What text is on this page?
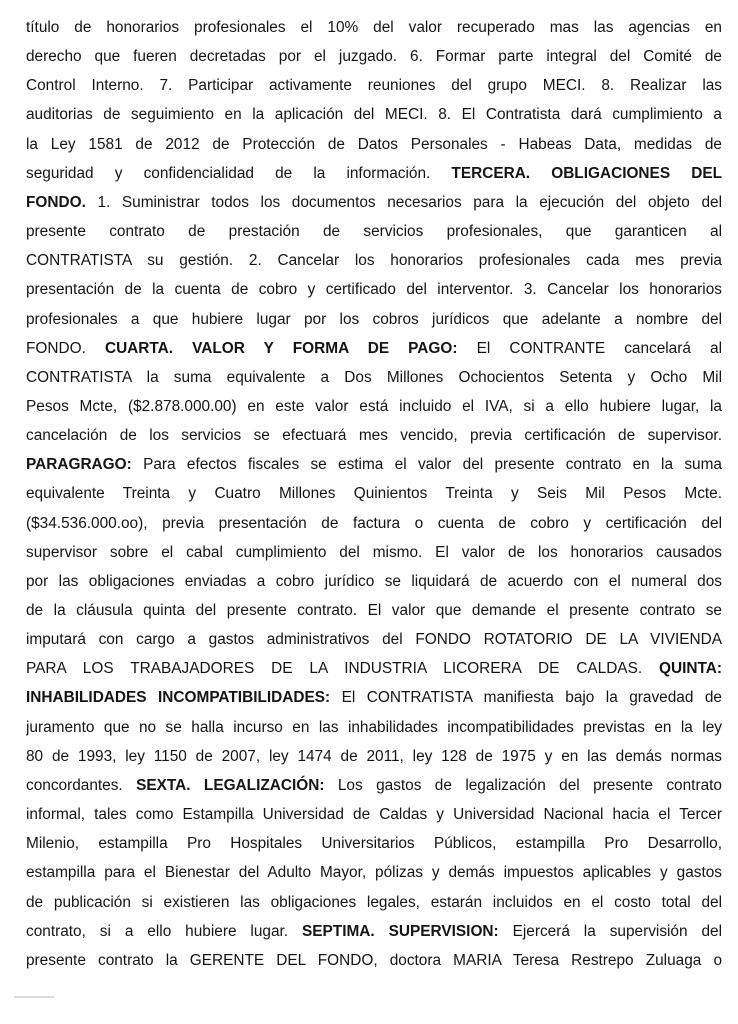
título de honorarios profesionales el 10% del valor recuperado mas las agencias en
derecho que fueren decretadas por el juzgado. 6. Formar parte integral del Comité de
Control Interno. 7. Participar activamente reuniones del grupo MECI. 8. Realizar las
auditorias de seguimiento en la aplicación del MECI. 8. El Contratista dará cumplimiento a
la Ley 1581 de 2012 de Protección de Datos Personales - Habeas Data, medidas de
seguridad y confidencialidad de la información. TERCERA. OBLIGACIONES DEL
FONDO. 1. Suministrar todos los documentos necesarios para la ejecución del objeto del
presente contrato de prestación de servicios profesionales, que garanticen al
CONTRATISTA su gestión. 2. Cancelar los honorarios profesionales cada mes previa
presentación de la cuenta de cobro y certificado del interventor. 3. Cancelar los honorarios
profesionales a que hubiere lugar por los cobros jurídicos que adelante a nombre del
FONDO. CUARTA. VALOR Y FORMA DE PAGO: El CONTRANTE cancelará al
CONTRATISTA la suma equivalente a Dos Millones Ochocientos Setenta y Ocho Mil
Pesos Mcte, ($2.878.000.00) en este valor está incluido el IVA, si a ello hubiere lugar, la
cancelación de los servicios se efectuará mes vencido, previa certificación de supervisor.
PARAGRAGO: Para efectos fiscales se estima el valor del presente contrato en la suma
equivalente Treinta y Cuatro Millones Quinientos Treinta y Seis Mil Pesos Mcte.
($34.536.000.oo), previa presentación de factura o cuenta de cobro y certificación del
supervisor sobre el cabal cumplimiento del mismo. El valor de los honorarios causados
por las obligaciones enviadas a cobro jurídico se liquidará de acuerdo con el numeral dos
de la cláusula quinta del presente contrato. El valor que demande el presente contrato se
imputará con cargo a gastos administrativos del FONDO ROTATORIO DE LA VIVIENDA
PARA LOS TRABAJADORES DE LA INDUSTRIA LICORERA DE CALDAS. QUINTA:
INHABILIDADES INCOMPATIBILIDADES: El CONTRATISTA manifiesta bajo la gravedad de
juramento que no se halla incurso en las inhabilidades incompatibilidades previstas en la ley
80 de 1993, ley 1150 de 2007, ley 1474 de 2011, ley 128 de 1975 y en las demás normas
concordantes. SEXTA. LEGALIZACIÓN: Los gastos de legalización del presente contrato
informal, tales como Estampilla Universidad de Caldas y Universidad Nacional hacia el Tercer
Milenio, estampilla Pro Hospitales Universitarios Públicos, estampilla Pro Desarrollo,
estampilla para el Bienestar del Adulto Mayor, pólizas y demás impuestos aplicables y gastos
de publicación si existieren las obligaciones legales, estarán incluidos en el costo total del
contrato, si a ello hubiere lugar. SEPTIMA. SUPERVISION: Ejercerá la supervisión del
presente contrato la GERENTE DEL FONDO, doctora MARIA Teresa Restrepo Zuluaga o
